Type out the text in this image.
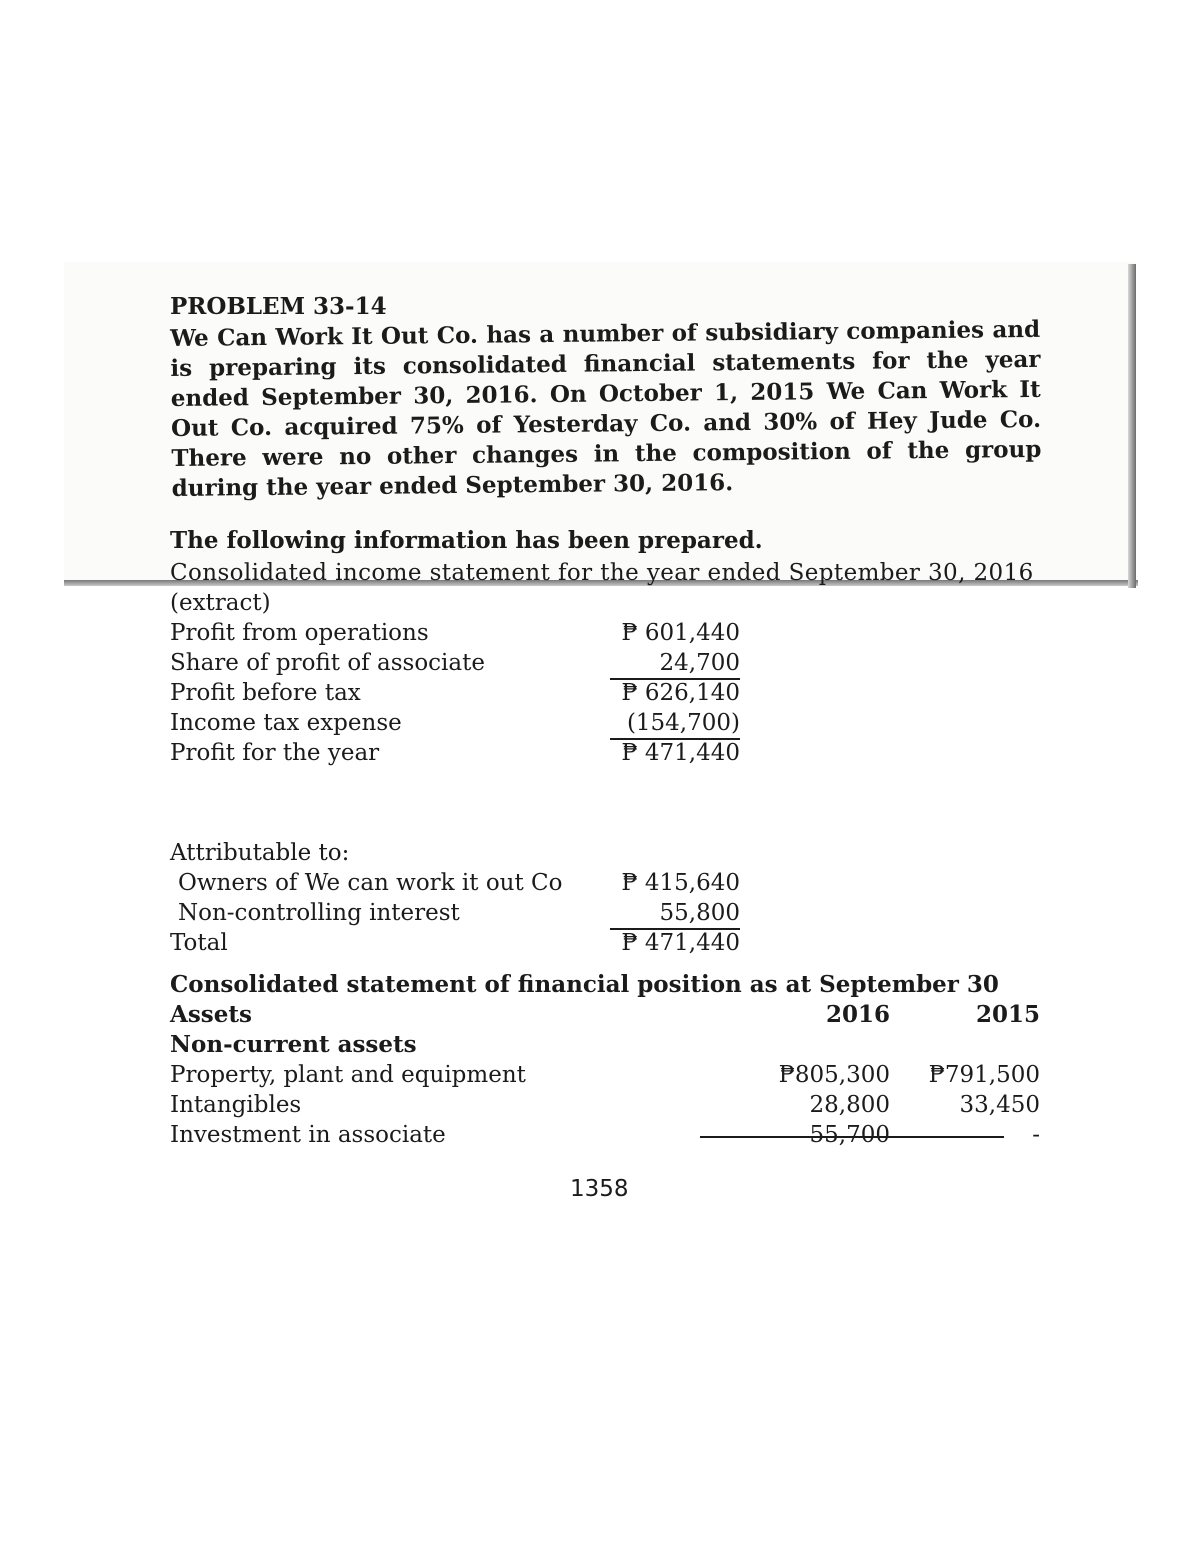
PROBLEM 33-14

We Can Work It Out Co. has a number of subsidiary companies and is preparing its consolidated financial statements for the year ended September 30, 2016. On October 1, 2015 We Can Work It Out Co. acquired 75% of Yesterday Co. and 30% of Hey Jude Co. There were no other changes in the composition of the group during the year ended September 30, 2016.

The following information has been prepared.

Consolidated income statement for the year ended September 30, 2016
(extract)
Profit from operations	₱ 601,440
Share of profit of associate	24,700
Profit before tax	₱ 626,140
Income tax expense	(154,700)
Profit for the year	₱ 471,440
Attributable to:
Owners of We can work it out Co	₱ 415,640
Non-controlling interest	55,800
Total	₱ 471,440
Consolidated statement of financial position as at September 30
Assets	2016	2015
Non-current assets
Property, plant and equipment	₱805,300	₱791,500
Intangibles	28,800	33,450
Investment in associate	55,700	-
1358
